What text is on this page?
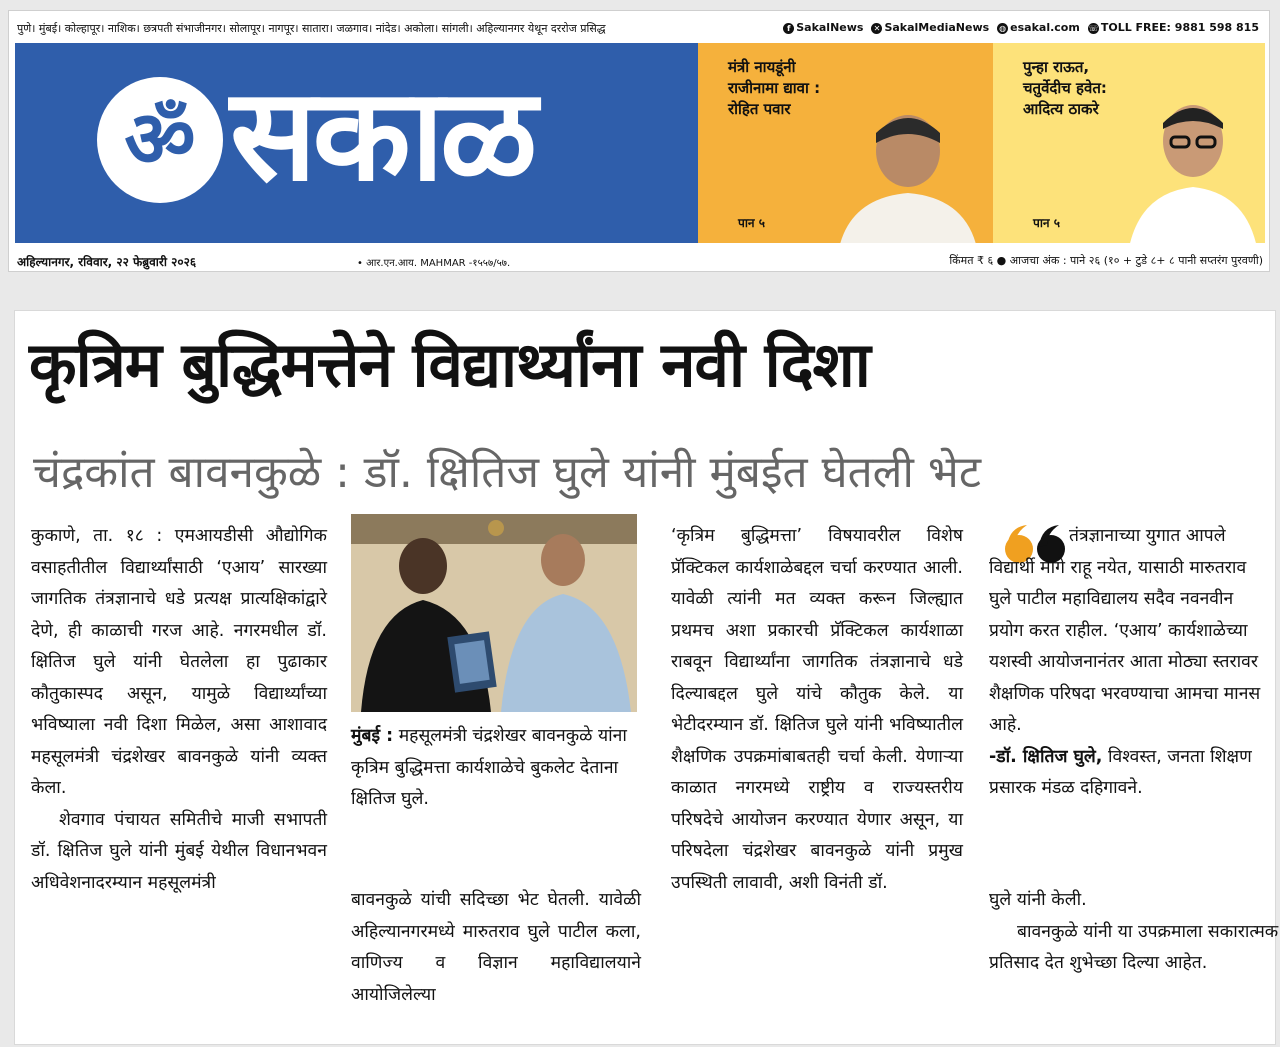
पुणे। मुंबई। कोल्हापूर। नाशिक। छत्रपती संभाजीनगर। सोलापूर। नागपूर। सातारा। जळगाव। नांदेड। अकोला। सांगली। अहिल्यानगर येथून दररोज प्रसिद्ध	f SakalNews ✕ SakalMediaNews ◍ esakal.com ☏ TOLL FREE: 9881 598 815
ॐ सकाळ	मंत्री नायडूंनी
राजीनामा द्यावा :
रोहित पवार
पान ५
पुन्हा राऊत,
चतुर्वेदीच हवेत:
आदित्य ठाकरे
पान ५
अहिल्यानगर, रविवार, २२ फेब्रुवारी २०२६	• आर.एन.आय. MAHMAR -१५५७/५७.	किंमत ₹ ६ ● आजचा अंक : पाने २६ (१० + टुडे ८+ ८ पानी सप्तरंग पुरवणी)
कृत्रिम बुद्धिमत्तेने विद्यार्थ्यांना नवी दिशा
चंद्रकांत बावनकुळे : डॉ. क्षितिज घुले यांनी मुंबईत घेतली भेट

कुकाणे, ता. १८ : एमआयडीसी औद्योगिक वसाहतीतील विद्यार्थ्यांसाठी ‘एआय’ सारख्या जागतिक तंत्रज्ञानाचे धडे प्रत्यक्ष प्रात्यक्षिकांद्वारे देणे, ही काळाची गरज आहे. नगरमधील डॉ. क्षितिज घुले यांनी घेतलेला हा पुढाकार कौतुकास्पद असून, यामुळे विद्यार्थ्यांच्या भविष्याला नवी दिशा मिळेल, असा आशावाद महसूलमंत्री चंद्रशेखर बावनकुळे यांनी व्यक्त केला.

शेवगाव पंचायत समितीचे माजी सभापती डॉ. क्षितिज घुले यांनी मुंबई येथील विधानभवन अधिवेशनादरम्यान महसूलमंत्री

मुंबई : महसूलमंत्री चंद्रशेखर बावनकुळे यांना कृत्रिम बुद्धिमत्ता कार्यशाळेचे बुकलेट देताना क्षितिज घुले.
बावनकुळे यांची सदिच्छा भेट घेतली. यावेळी अहिल्यानगरमध्ये मारुतराव घुले पाटील कला, वाणिज्य व विज्ञान महाविद्यालयाने आयोजिलेल्या
‘कृत्रिम बुद्धिमत्ता’ विषयावरील विशेष प्रॅक्टिकल कार्यशाळेबद्दल चर्चा करण्यात आली. यावेळी त्यांनी मत व्यक्त करून जिल्ह्यात प्रथमच अशा प्रकारची प्रॅक्टिकल कार्यशाळा राबवून विद्यार्थ्यांना जागतिक तंत्रज्ञानाचे धडे दिल्याबद्दल घुले यांचे कौतुक केले. या भेटीदरम्यान डॉ. क्षितिज घुले यांनी भविष्यातील शैक्षणिक उपक्रमांबाबतही चर्चा केली. येणाऱ्या काळात नगरमध्ये राष्ट्रीय व राज्यस्तरीय परिषदेचे आयोजन करण्यात येणार असून, या परिषदेला चंद्रशेखर बावनकुळे यांनी प्रमुख उपस्थिती लावावी, अशी विनंती डॉ.
तंत्रज्ञानाच्या युगात आपले विद्यार्थी मागे राहू नयेत, यासाठी मारुतराव घुले पाटील महाविद्यालय सदैव नवनवीन प्रयोग करत राहील. ‘एआय’ कार्यशाळेच्या यशस्वी आयोजनानंतर आता मोठ्या स्तरावर शैक्षणिक परिषदा भरवण्याचा आमचा मानस आहे.
-डॉ. क्षितिज घुले, विश्वस्त, जनता शिक्षण प्रसारक मंडळ दहिगावने.
घुले यांनी केली.
बावनकुळे यांनी या उपक्रमाला सकारात्मक प्रतिसाद देत शुभेच्छा दिल्या आहेत.
